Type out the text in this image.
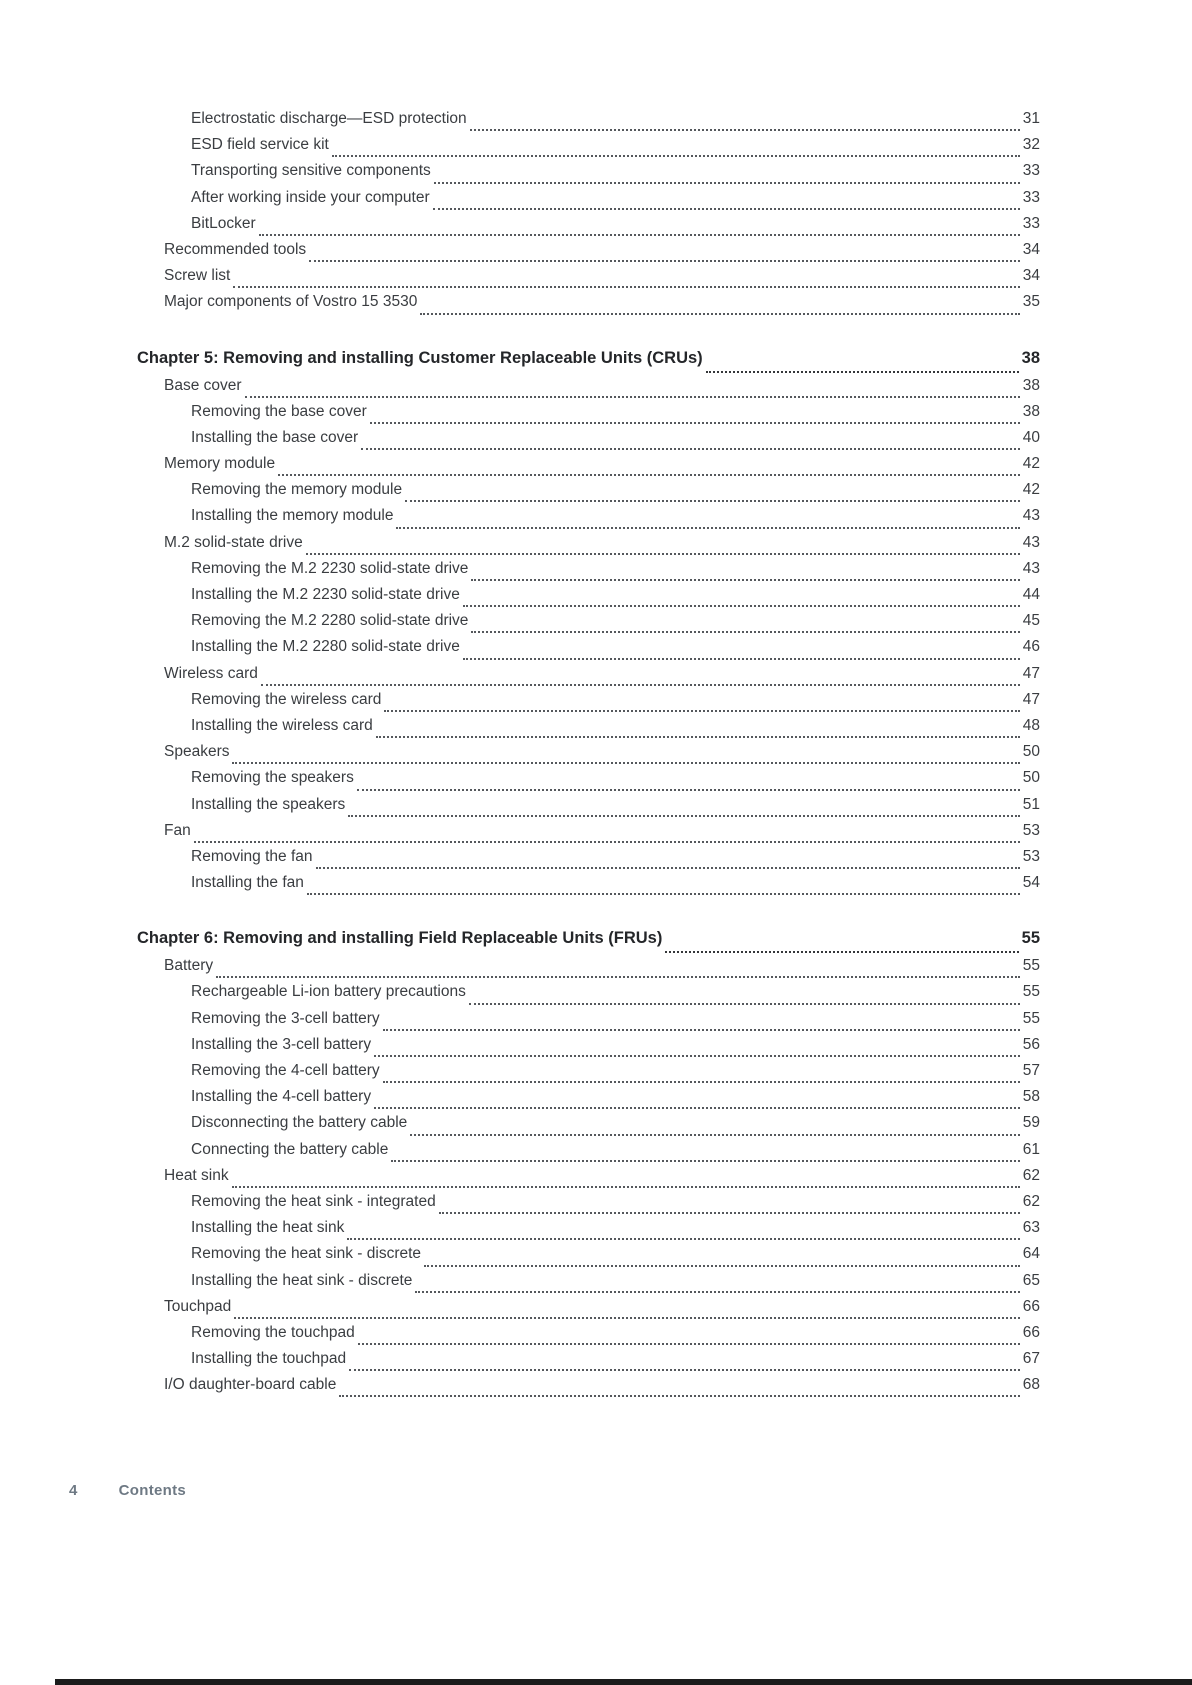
Electrostatic discharge—ESD protection	31
ESD field service kit	32
Transporting sensitive components	33
After working inside your computer	33
BitLocker	33
Recommended tools	34
Screw list	34
Major components of Vostro 15 3530	35
Chapter 5: Removing and installing Customer Replaceable Units (CRUs)	38
Base cover	38
Removing the base cover	38
Installing the base cover	40
Memory module	42
Removing the memory module	42
Installing the memory module	43
M.2 solid-state drive	43
Removing the M.2 2230 solid-state drive	43
Installing the M.2 2230 solid-state drive	44
Removing the M.2 2280 solid-state drive	45
Installing the M.2 2280 solid-state drive	46
Wireless card	47
Removing the wireless card	47
Installing the wireless card	48
Speakers	50
Removing the speakers	50
Installing the speakers	51
Fan	53
Removing the fan	53
Installing the fan	54
Chapter 6: Removing and installing Field Replaceable Units (FRUs)	55
Battery	55
Rechargeable Li-ion battery precautions	55
Removing the 3-cell battery	55
Installing the 3-cell battery	56
Removing the 4-cell battery	57
Installing the 4-cell battery	58
Disconnecting the battery cable	59
Connecting the battery cable	61
Heat sink	62
Removing the heat sink - integrated	62
Installing the heat sink	63
Removing the heat sink - discrete	64
Installing the heat sink - discrete	65
Touchpad	66
Removing the touchpad	66
Installing the touchpad	67
I/O daughter-board cable	68
4	Contents
